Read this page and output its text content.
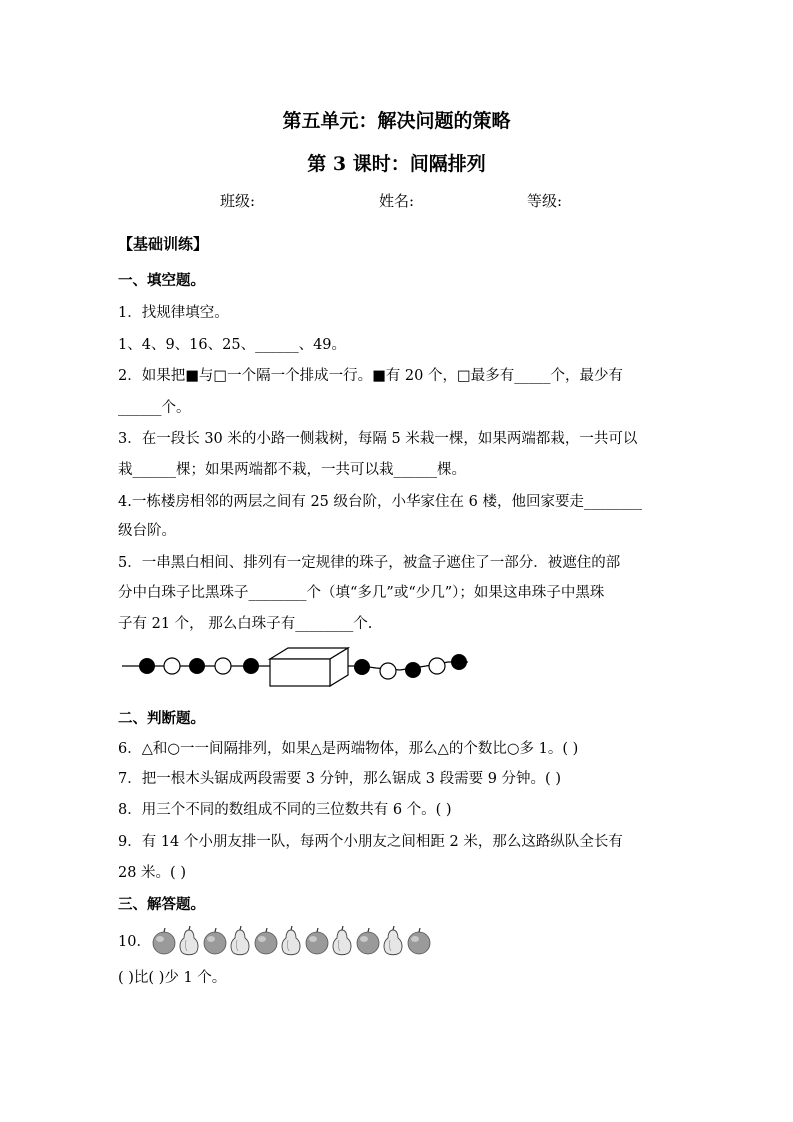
第五单元：解决问题的策略
第 3 课时：间隔排列
班级:	姓名:	等级:
【基础训练】
一、填空题。
1．找规律填空。
1、4、9、16、25、______、49。
2．如果把■与□一个隔一个排成一行。■有 20 个，□最多有_____个，最少有
______个。
3．在一段长 30 米的小路一侧栽树，每隔 5 米栽一棵，如果两端都栽，一共可以
栽______棵；如果两端都不栽，一共可以栽______棵。
4.一栋楼房相邻的两层之间有 25 级台阶，小华家住在 6 楼，他回家要走________
级台阶。
5．一串黑白相间、排列有一定规律的珠子，被盒子遮住了一部分．被遮住的部
分中白珠子比黑珠子________个（填“多几”或“少几”）；如果这串珠子中黑珠
子有 21 个， 那么白珠子有________个.
二、判断题。
6．△和○一一间隔排列，如果△是两端物体，那么△的个数比○多 1。( )
7．把一根木头锯成两段需要 3 分钟，那么锯成 3 段需要 9 分钟。( )
8．用三个不同的数组成不同的三位数共有 6 个。( )
9．有 14 个小朋友排一队，每两个小朋友之间相距 2 米，那么这路纵队全长有
28 米。( )
三、解答题。
10．
( )比( )少 1 个。
